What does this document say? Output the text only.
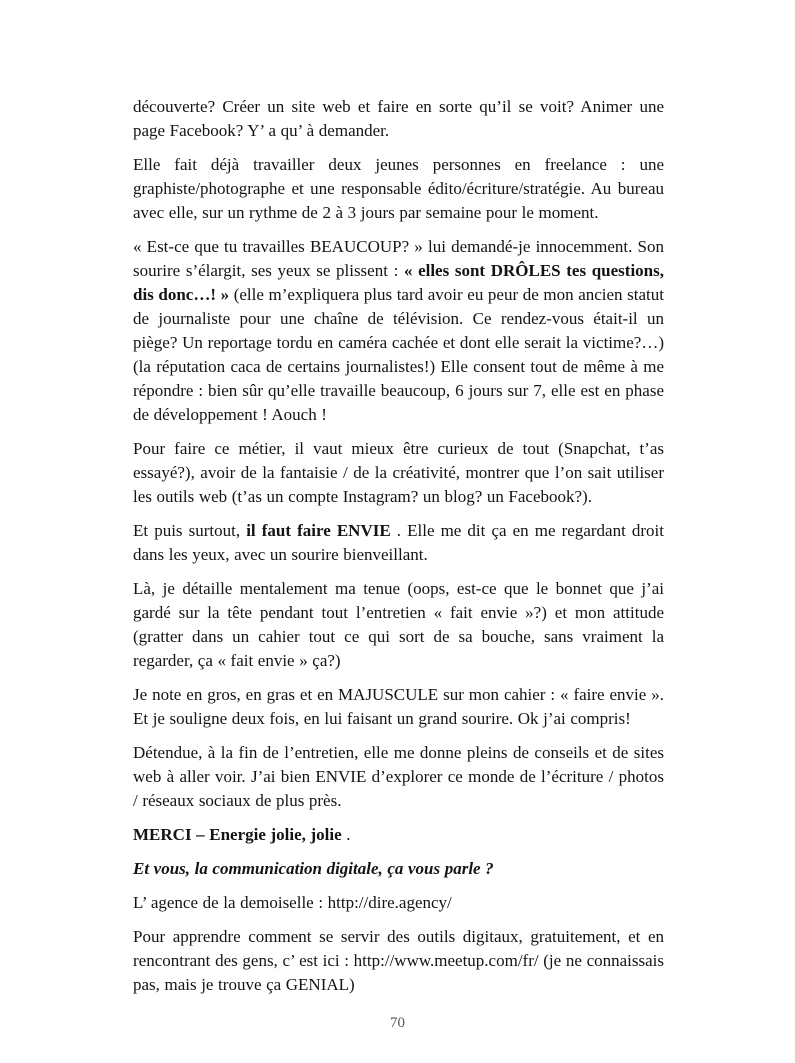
découverte? Créer un site web et faire en sorte qu’il se voit? Animer une page Facebook? Y’ a qu’ à demander.

Elle fait déjà travailler deux jeunes personnes en freelance : une graphiste/photographe et une responsable édito/écriture/stratégie. Au bureau avec elle, sur un rythme de 2 à 3 jours par semaine pour le moment.

« Est-ce que tu travailles BEAUCOUP? » lui demandé-je innocemment. Son sourire s’élargit, ses yeux se plissent : « elles sont DRÔLES tes questions, dis donc…! » (elle m’expliquera plus tard avoir eu peur de mon ancien statut de journaliste pour une chaîne de télévision. Ce rendez-vous était-il un piège? Un reportage tordu en caméra cachée et dont elle serait la victime?…)(la réputation caca de certains journalistes!) Elle consent tout de même à me répondre : bien sûr qu’elle travaille beaucoup, 6 jours sur 7, elle est en phase de développement ! Aouch !

Pour faire ce métier, il vaut mieux être curieux de tout (Snapchat, t’as essayé?), avoir de la fantaisie / de la créativité, montrer que l’on sait utiliser les outils web (t’as un compte Instagram? un blog? un Facebook?).

Et puis surtout, il faut faire ENVIE . Elle me dit ça en me regardant droit dans les yeux, avec un sourire bienveillant.

Là, je détaille mentalement ma tenue (oops, est-ce que le bonnet que j’ai gardé sur la tête pendant tout l’entretien « fait envie »?) et mon attitude (gratter dans un cahier tout ce qui sort de sa bouche, sans vraiment la regarder, ça « fait envie » ça?)

Je note en gros, en gras et en MAJUSCULE sur mon cahier : « faire envie ». Et je souligne deux fois, en lui faisant un grand sourire. Ok j’ai compris!

Détendue, à la fin de l’entretien, elle me donne pleins de conseils et de sites web à aller voir. J’ai bien ENVIE d’explorer ce monde de l’écriture / photos / réseaux sociaux de plus près.

MERCI – Energie jolie, jolie .

Et vous, la communication digitale, ça vous parle ?

L’ agence de la demoiselle : http://dire.agency/

Pour apprendre comment se servir des outils digitaux, gratuitement, et en rencontrant des gens, c’ est ici : http://www.meetup.com/fr/ (je ne connaissais pas, mais je trouve ça GENIAL)

70
